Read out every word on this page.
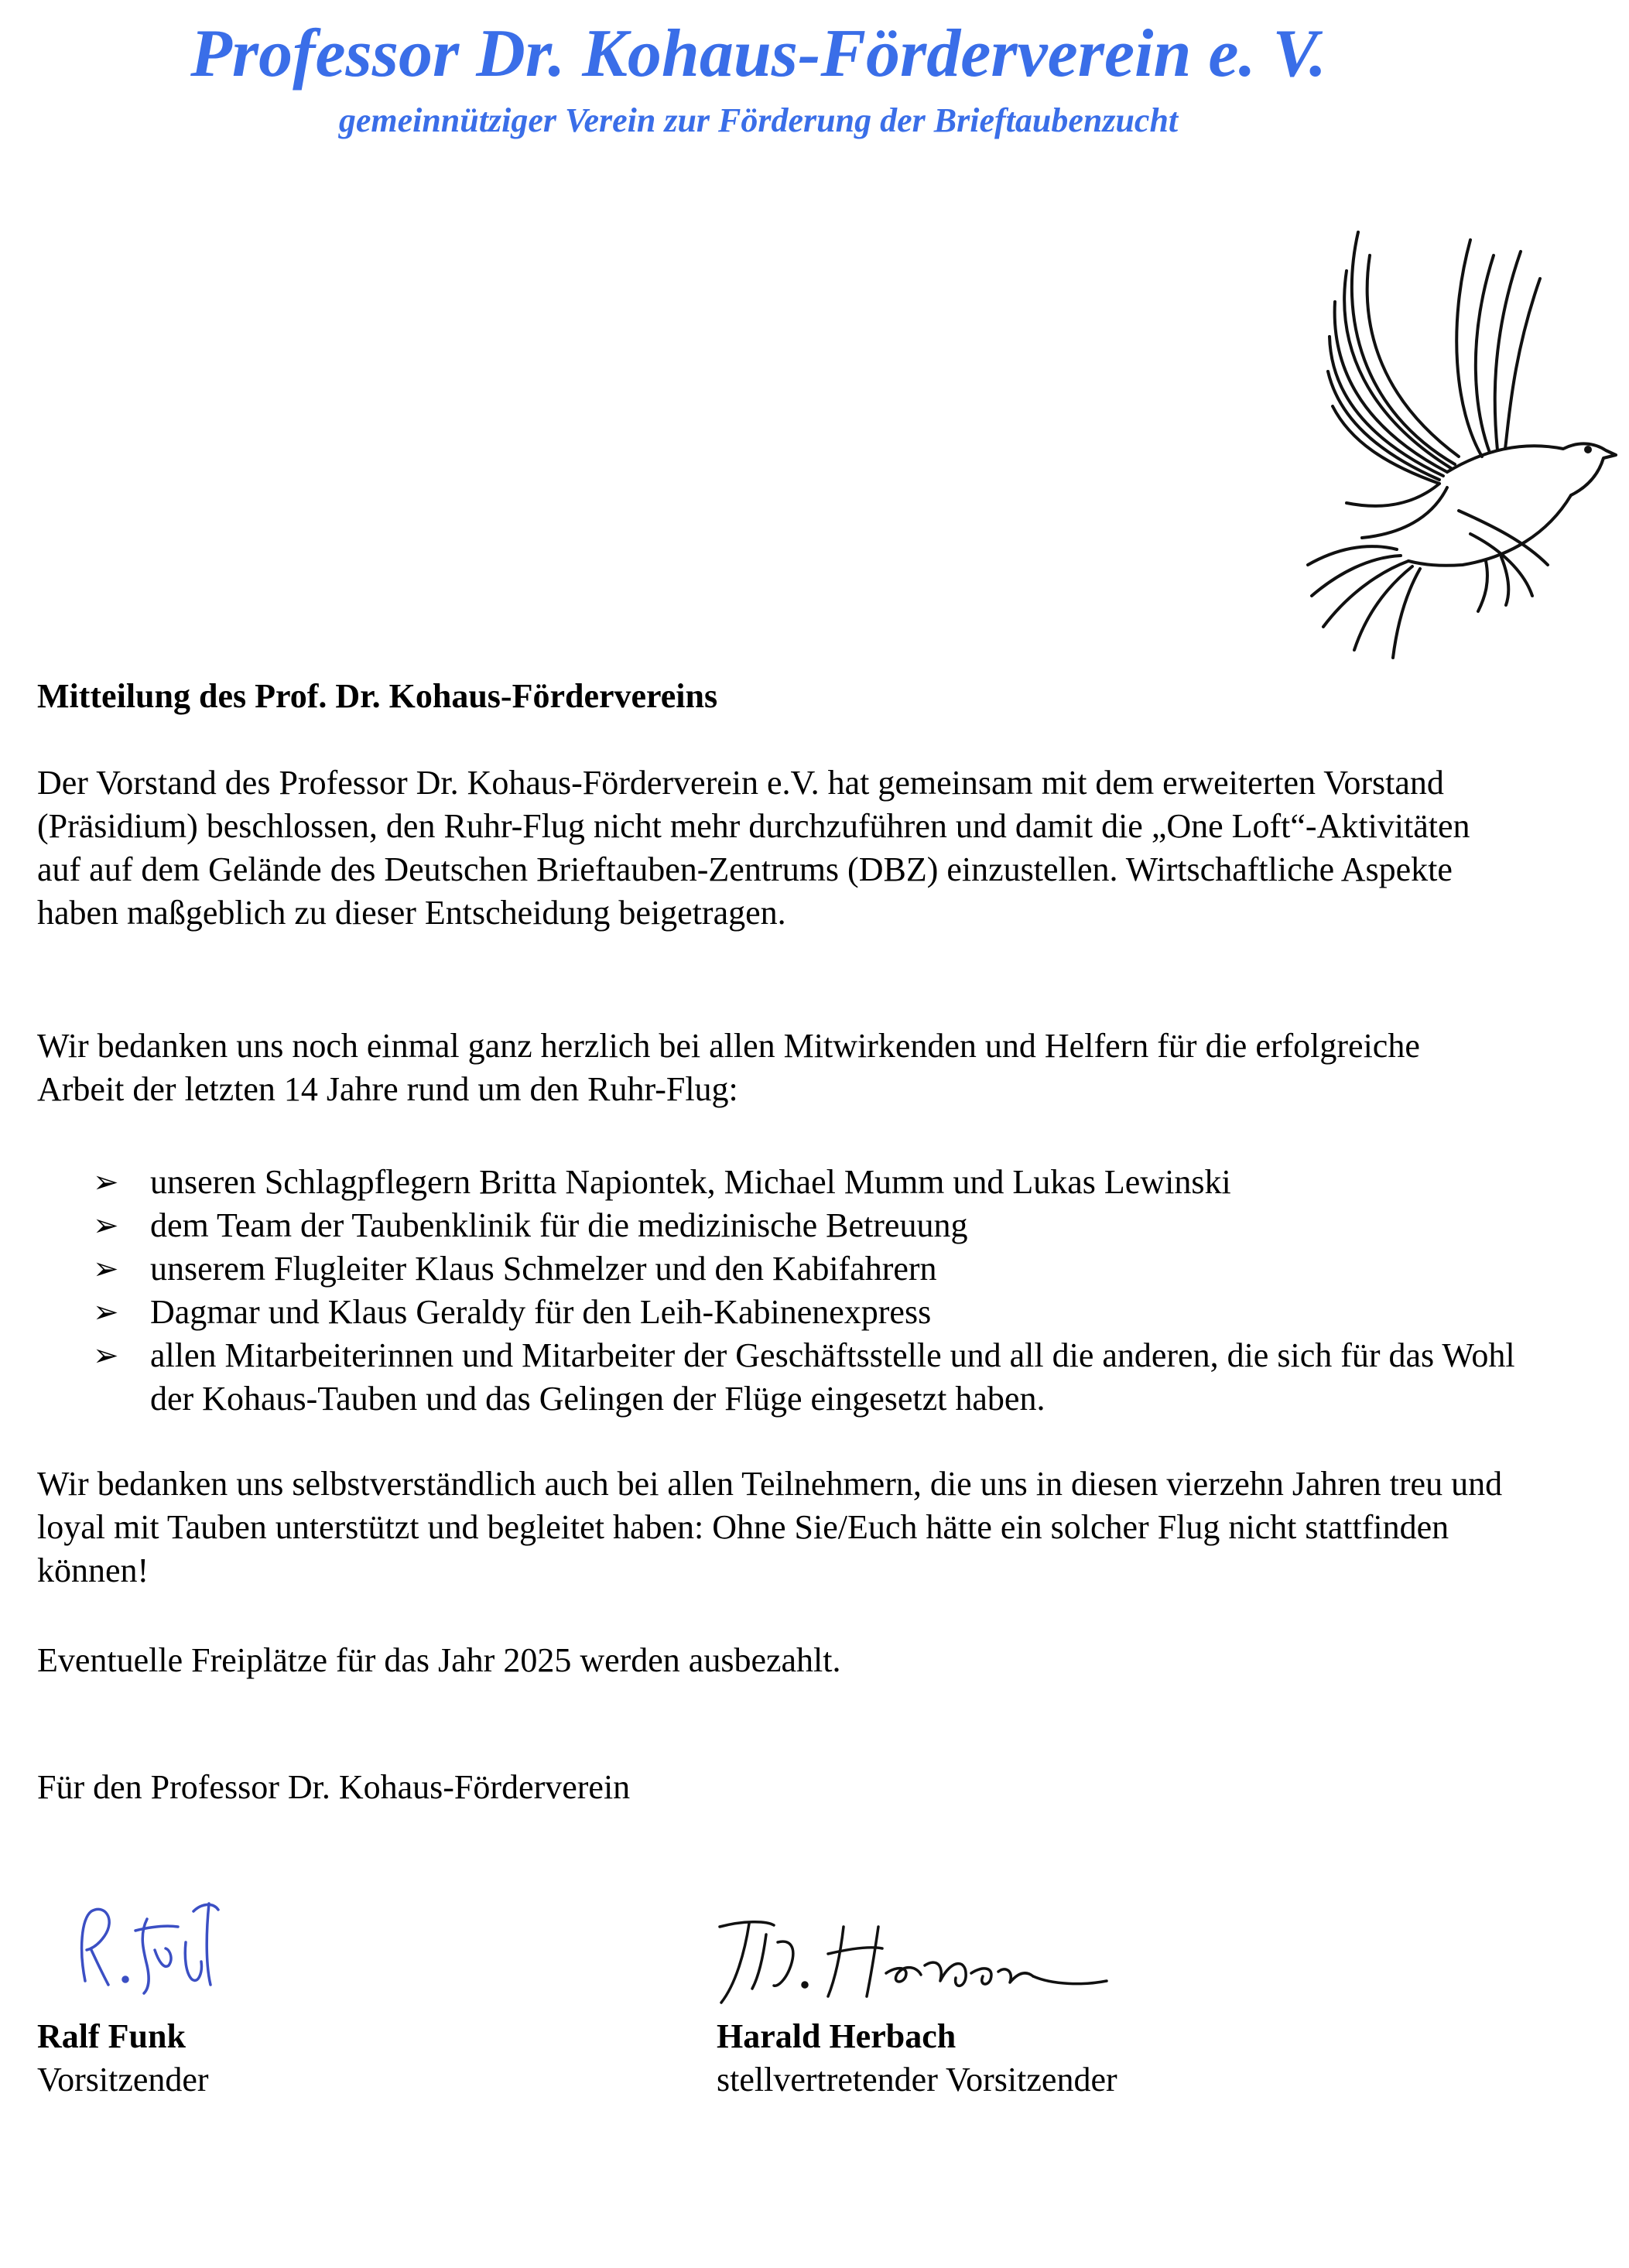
Professor Dr. Kohaus-Förderverein e. V.

gemeinnütziger Verein zur Förderung der Brieftaubenzucht

Mitteilung des Prof. Dr. Kohaus-Fördervereins

Der Vorstand des Professor Dr. Kohaus-Förderverein e.V. hat gemeinsam mit dem erweiterten Vorstand (Präsidium) beschlossen, den Ruhr-Flug nicht mehr durchzuführen und damit die „One Loft“-Aktivitäten auf auf dem Gelände des Deutschen Brieftauben-Zentrums (DBZ) einzustellen. Wirtschaftliche Aspekte haben maßgeblich zu dieser Entscheidung beigetragen.

Wir bedanken uns noch einmal ganz herzlich bei allen Mitwirkenden und Helfern für die erfolgreiche Arbeit der letzten 14 Jahre rund um den Ruhr-Flug:

➢ unseren Schlagpflegern Britta Napiontek, Michael Mumm und Lukas Lewinski
➢ dem Team der Taubenklinik für die medizinische Betreuung
➢ unserem Flugleiter Klaus Schmelzer und den Kabifahrern
➢ Dagmar und Klaus Geraldy für den Leih-Kabinenexpress
➢ allen Mitarbeiterinnen und Mitarbeiter der Geschäftsstelle und all die anderen, die sich für das Wohl der Kohaus-Tauben und das Gelingen der Flüge eingesetzt haben.

Wir bedanken uns selbstverständlich auch bei allen Teilnehmern, die uns in diesen vierzehn Jahren treu und loyal mit Tauben unterstützt und begleitet haben: Ohne Sie/Euch hätte ein solcher Flug nicht stattfinden können!

Eventuelle Freiplätze für das Jahr 2025 werden ausbezahlt.

Für den Professor Dr. Kohaus-Förderverein

Ralf Funk

Vorsitzender

Harald Herbach

stellvertretender Vorsitzender
